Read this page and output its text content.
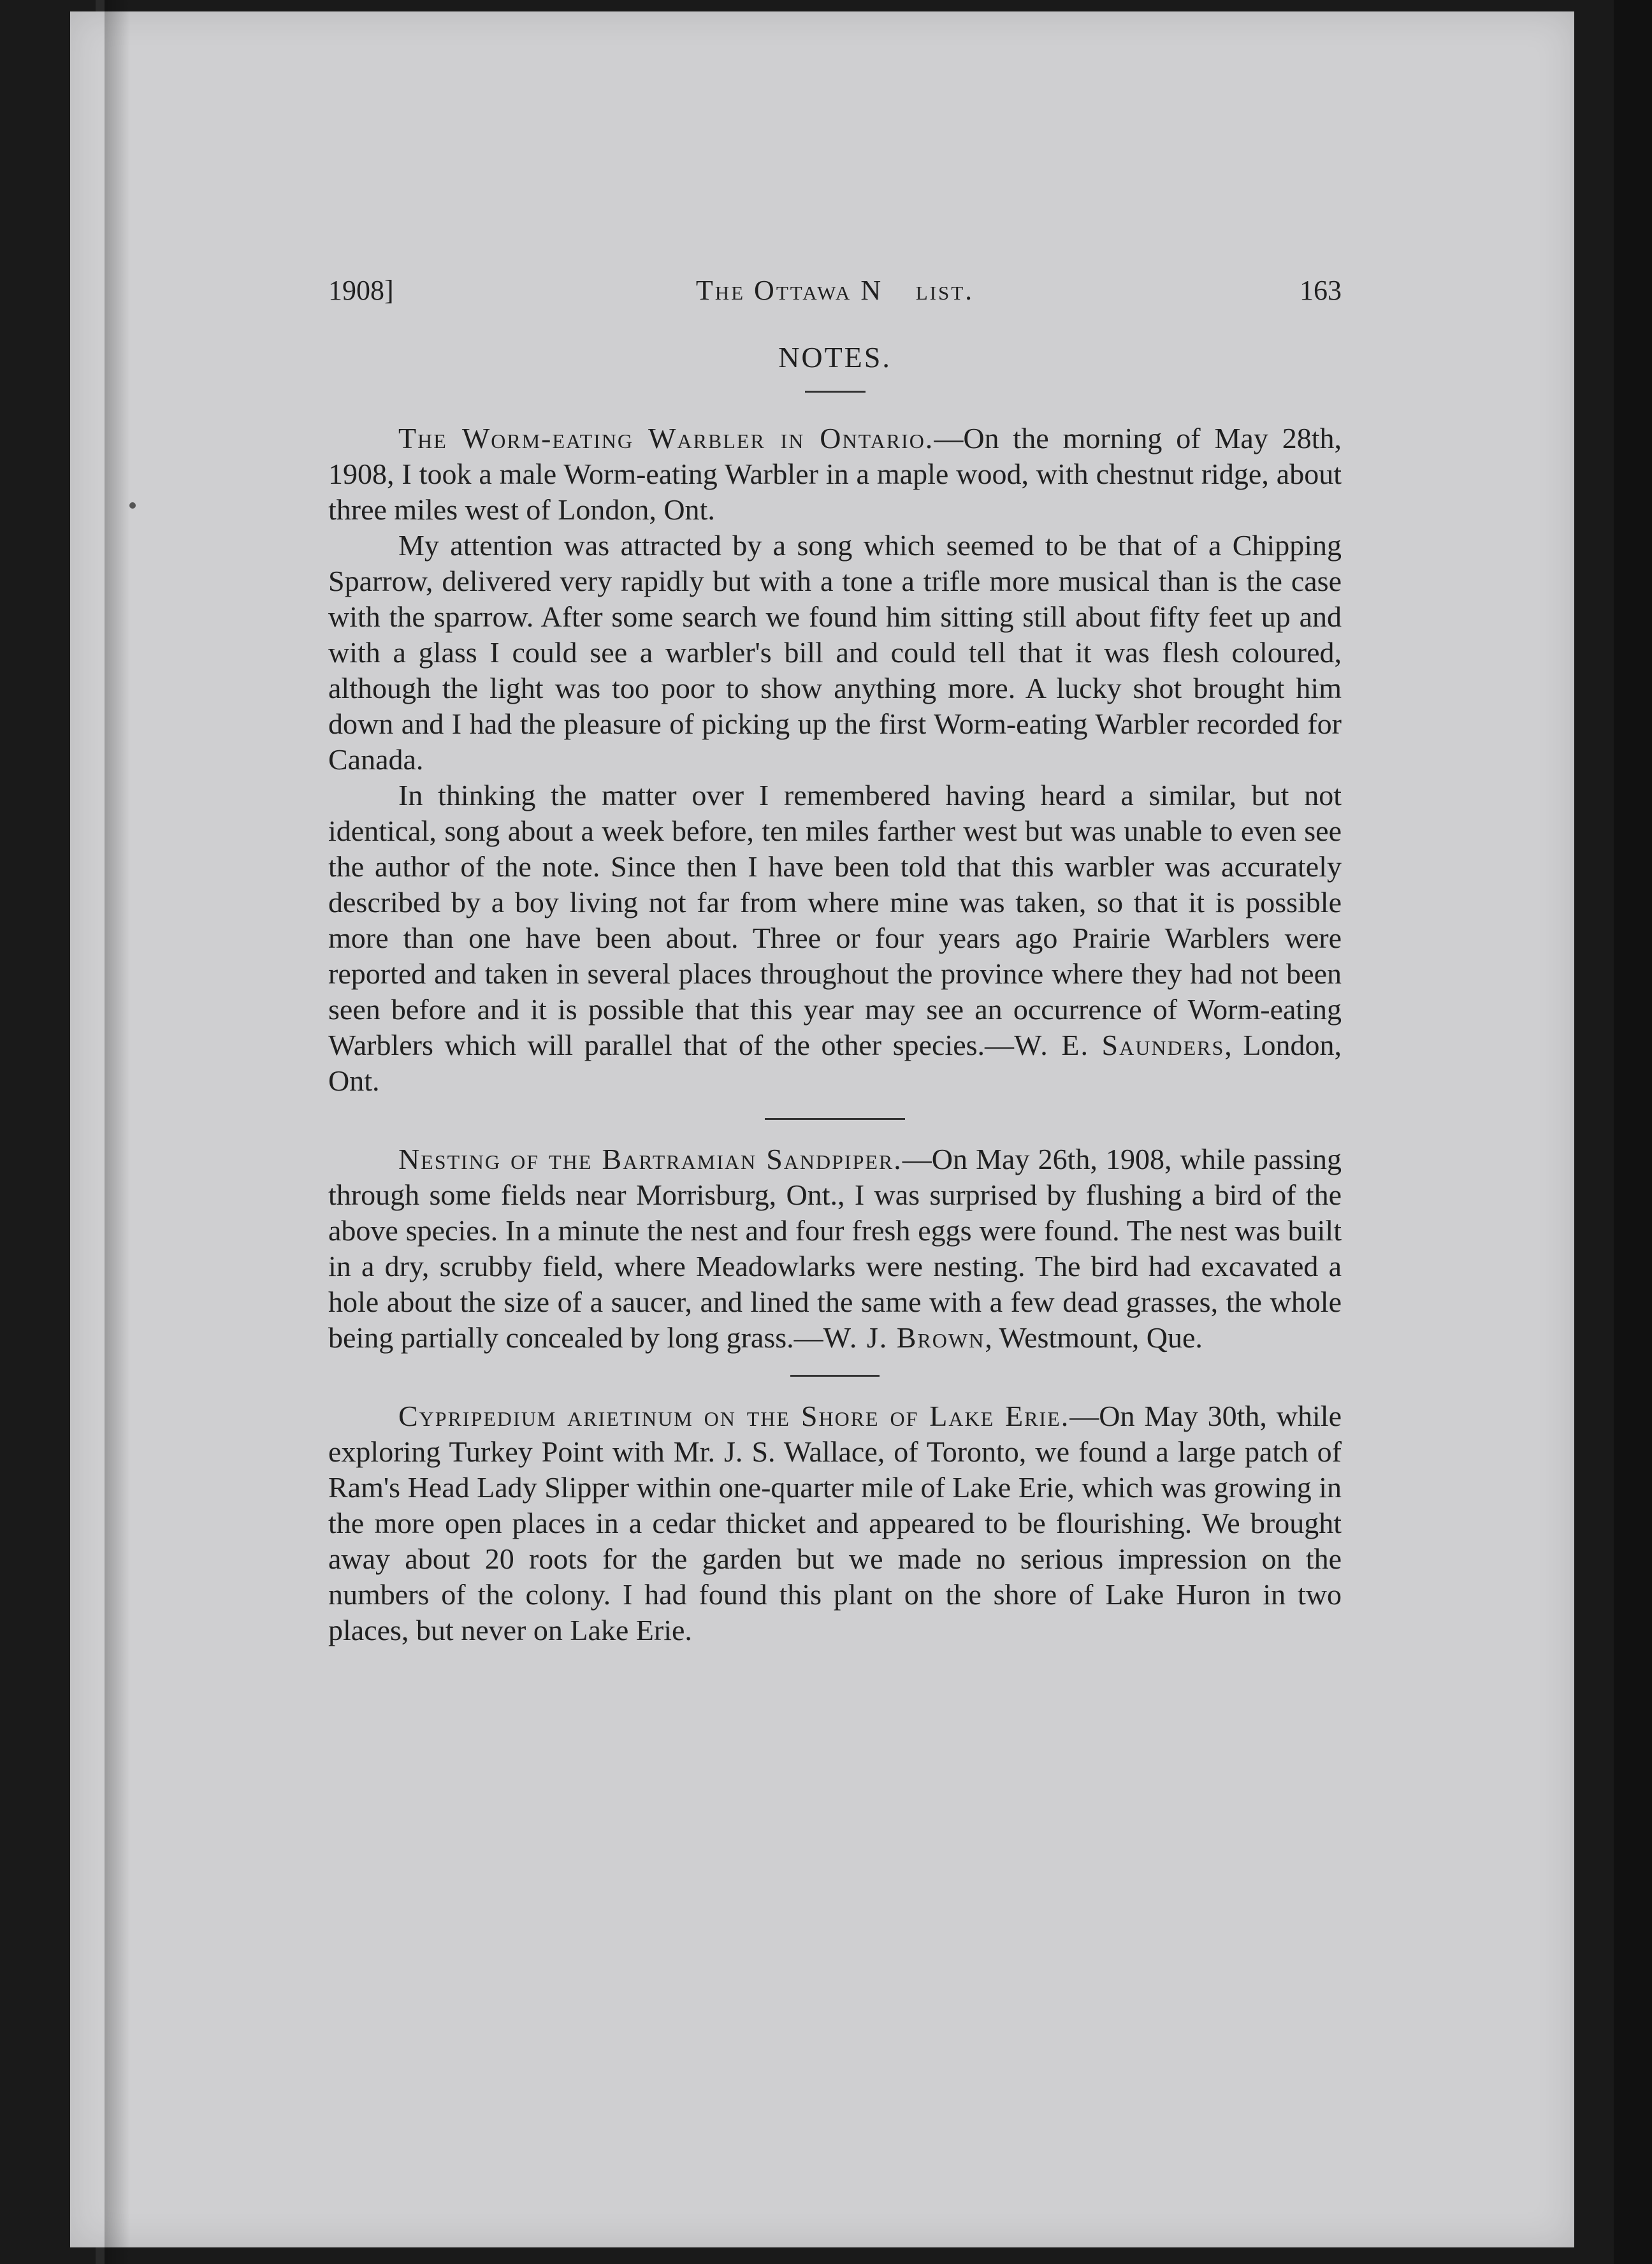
1908]	The Ottawa N    list.	163
NOTES.

The Worm-eating Warbler in Ontario.—On the morning of May 28th, 1908, I took a male Worm-eating Warbler in a maple wood, with chestnut ridge, about three miles west of London, Ont.

My attention was attracted by a song which seemed to be that of a Chipping Sparrow, delivered very rapidly but with a tone a trifle more musical than is the case with the sparrow. After some search we found him sitting still about fifty feet up and with a glass I could see a warbler's bill and could tell that it was flesh coloured, although the light was too poor to show anything more. A lucky shot brought him down and I had the pleasure of picking up the first Worm-eating Warbler recorded for Canada.

In thinking the matter over I remembered having heard a similar, but not identical, song about a week before, ten miles farther west but was unable to even see the author of the note. Since then I have been told that this warbler was accurately described by a boy living not far from where mine was taken, so that it is possible more than one have been about. Three or four years ago Prairie Warblers were reported and taken in several places throughout the province where they had not been seen before and it is possible that this year may see an occurrence of Worm-eating Warblers which will parallel that of the other species.—W. E. Saunders, London, Ont.

Nesting of the Bartramian Sandpiper.—On May 26th, 1908, while passing through some fields near Morrisburg, Ont., I was surprised by flushing a bird of the above species. In a minute the nest and four fresh eggs were found. The nest was built in a dry, scrubby field, where Meadowlarks were nesting. The bird had excavated a hole about the size of a saucer, and lined the same with a few dead grasses, the whole being partially concealed by long grass.—W. J. Brown, Westmount, Que.

Cypripedium arietinum on the Shore of Lake Erie.—On May 30th, while exploring Turkey Point with Mr. J. S. Wallace, of Toronto, we found a large patch of Ram's Head Lady Slipper within one-quarter mile of Lake Erie, which was growing in the more open places in a cedar thicket and appeared to be flourishing. We brought away about 20 roots for the garden but we made no serious impression on the numbers of the colony. I had found this plant on the shore of Lake Huron in two places, but never on Lake Erie.
